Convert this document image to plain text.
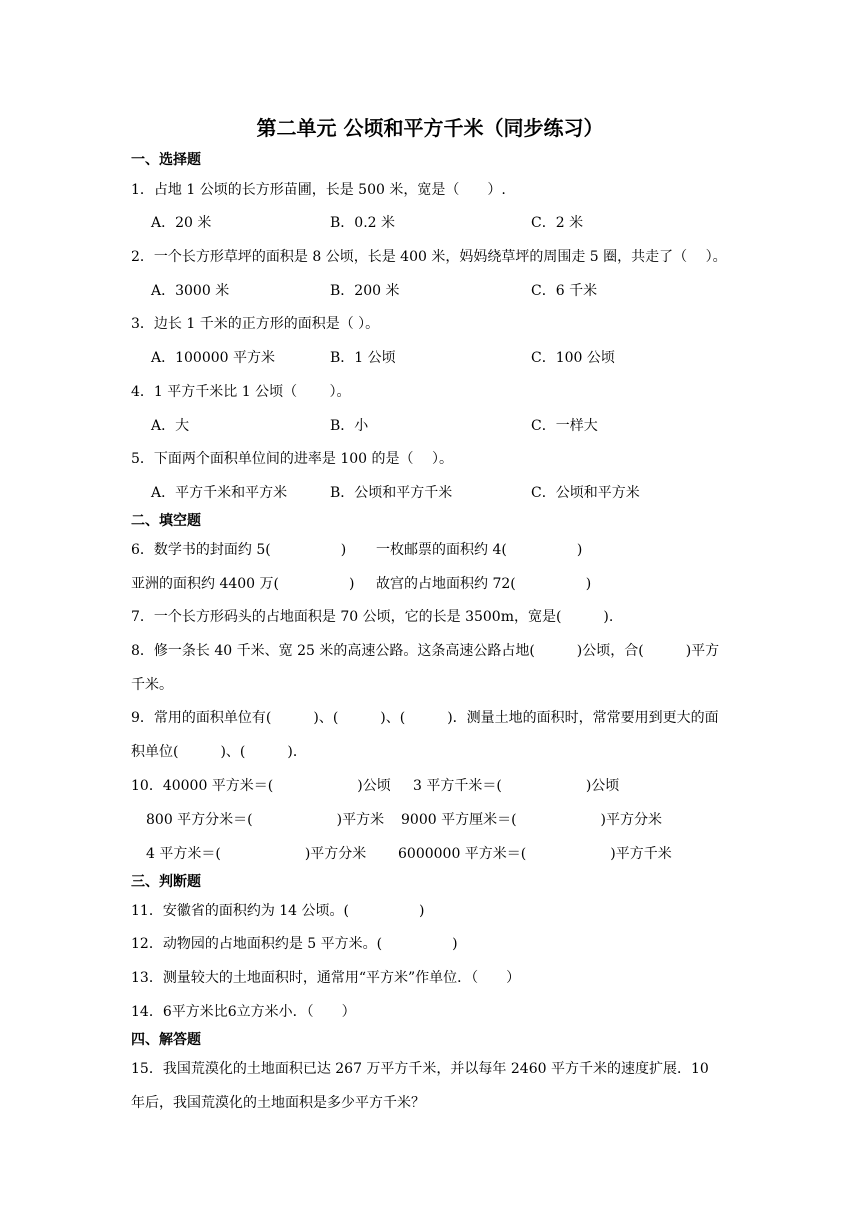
第二单元 公顷和平方千米（同步练习）
一、选择题
1．占地 1 公顷的长方形苗圃，长是 500 米，宽是（　　）.
A．20 米	B．0.2 米	C．2 米
2．一个长方形草坪的面积是 8 公顷，长是 400 米，妈妈绕草坪的周围走 5 圈，共走了（　 ）。
A．3000 米	B．200 米	C．6 千米
3．边长 1 千米的正方形的面积是（ ）。
A．100000 平方米	B．1 公顷	C．100 公顷
4．1 平方千米比 1 公顷（　　 ）。
A．大	B．小	C．一样大
5．下面两个面积单位间的进率是 100 的是（　 ）。
A．平方千米和平方米	B．公顷和平方千米	C．公顷和平方米
二、填空题
6．数学书的封面约 5(　　　　　) 一枚邮票的面积约 4(　　　　　)
亚洲的面积约 4400 万(　　　　　) 故宫的占地面积约 72(　　　　　)
7．一个长方形码头的占地面积是 70 公顷，它的长是 3500m，宽是(　　　).
8．修一条长 40 千米、宽 25 米的高速公路。这条高速公路占地(　　　)公顷，合(　　　)平方
千米。
9．常用的面积单位有(　　　)、(　　　)、(　　　)．测量土地的面积时，常常要用到更大的面
积单位(　　　)、(　　　)．
10．40000 平方米＝(　　　　　　)公顷 3 平方千米＝(　　　　　　)公顷
800 平方分米＝(　　　　　　)平方米 9000 平方厘米＝(　　　　　　)平方分米
4 平方米＝(　　　　　　)平方分米 6000000 平方米＝(　　　　　　)平方千米
三、判断题
11．安徽省的面积约为 14 公顷。(　　　　　)
12．动物园的占地面积约是 5 平方米。(　　　　　)
13．测量较大的土地面积时，通常用“平方米”作单位．（　　）
14．6平方米比6立方米小．（　　）
四、解答题
15．我国荒漠化的土地面积已达 267 万平方千米，并以每年 2460 平方千米的速度扩展．10
年后，我国荒漠化的土地面积是多少平方千米？
